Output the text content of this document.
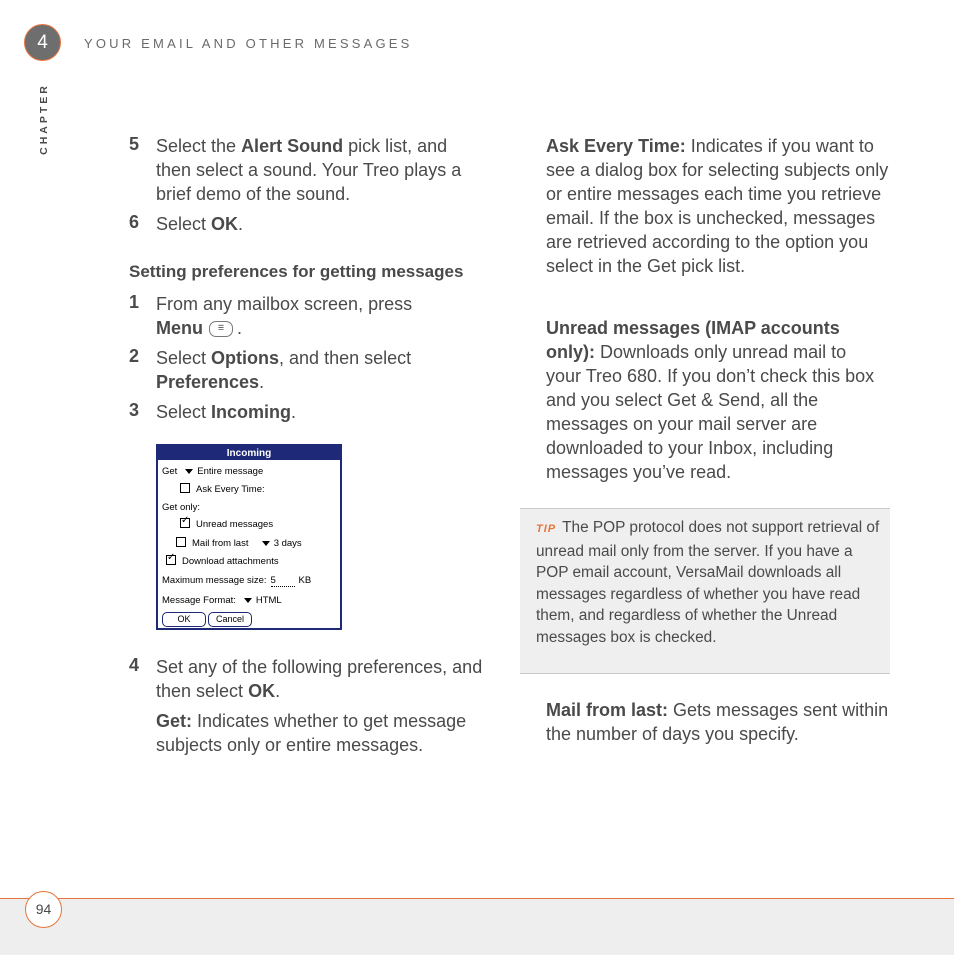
4	YOUR EMAIL AND OTHER MESSAGES
CHAPTER	5 Select the Alert Sound pick list, and then select a sound. Your Treo plays a brief demo of the sound.
6 Select OK.
Setting preferences for getting messages
1 From any mailbox screen, press
Menu ☰ .
2 Select Options, and then select
Preferences.
3 Select Incoming.
Incoming
Get Entire message
Ask Every Time:
Get only:
✓Unread messages
Mail from last	3 days
✓Download attachments
Maximum message size: 5 KB
Message Format: HTML
OK	Cancel
4 Set any of the following preferences, and then select OK.
Get: Indicates whether to get message subjects only or entire messages.
Ask Every Time: Indicates if you want to see a dialog box for selecting subjects only or entire messages each time you retrieve email. If the box is unchecked, messages are retrieved according to the option you select in the Get pick list.
Unread messages (IMAP accounts only): Downloads only unread mail to your Treo 680. If you don’t check this box and you select Get & Send, all the messages on your mail server are downloaded to your Inbox, including messages you’ve read.
TIP The POP protocol does not support retrieval of unread mail only from the server. If you have a POP email account, VersaMail downloads all messages regardless of whether you have read them, and regardless of whether the Unread messages box is checked.
Mail from last: Gets messages sent within the number of days you specify.
94
